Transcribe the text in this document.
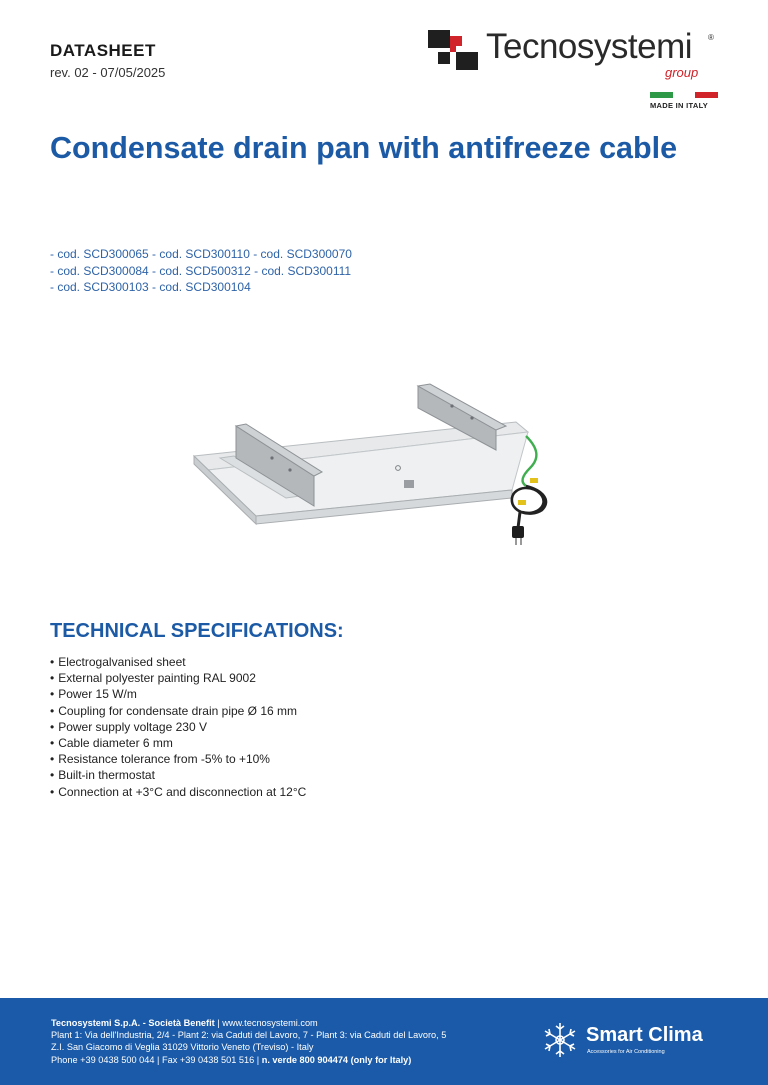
DATASHEET
rev. 02 - 07/05/2025
Tecnosystemi ®
group
MADE IN ITALY
Condensate drain pan with antifreeze cable
- cod. SCD300065 - cod. SCD300110 - cod. SCD300070
- cod. SCD300084 - cod. SCD500312 - cod. SCD300111
- cod. SCD300103 - cod. SCD300104
TECHNICAL SPECIFICATIONS:
• Electrogalvanised sheet
• External polyester painting RAL 9002
• Power 15 W/m
• Coupling for condensate drain pipe Ø 16 mm
• Power supply voltage 230 V
• Cable diameter 6 mm
• Resistance tolerance from -5% to +10%
• Built-in thermostat
• Connection at +3°C and disconnection at 12°C
Tecnosystemi S.p.A. - Società Benefit | www.tecnosystemi.com
Plant 1: Via dell'Industria, 2/4 - Plant 2: via Caduti del Lavoro, 7 - Plant 3: via Caduti del Lavoro, 5
Z.I. San Giacomo di Veglia 31029 Vittorio Veneto (Treviso) - Italy
Phone +39 0438 500 044 | Fax +39 0438 501 516 | n. verde 800 904474 (only for Italy)
Smart Clima
Accessories for Air Conditioning
